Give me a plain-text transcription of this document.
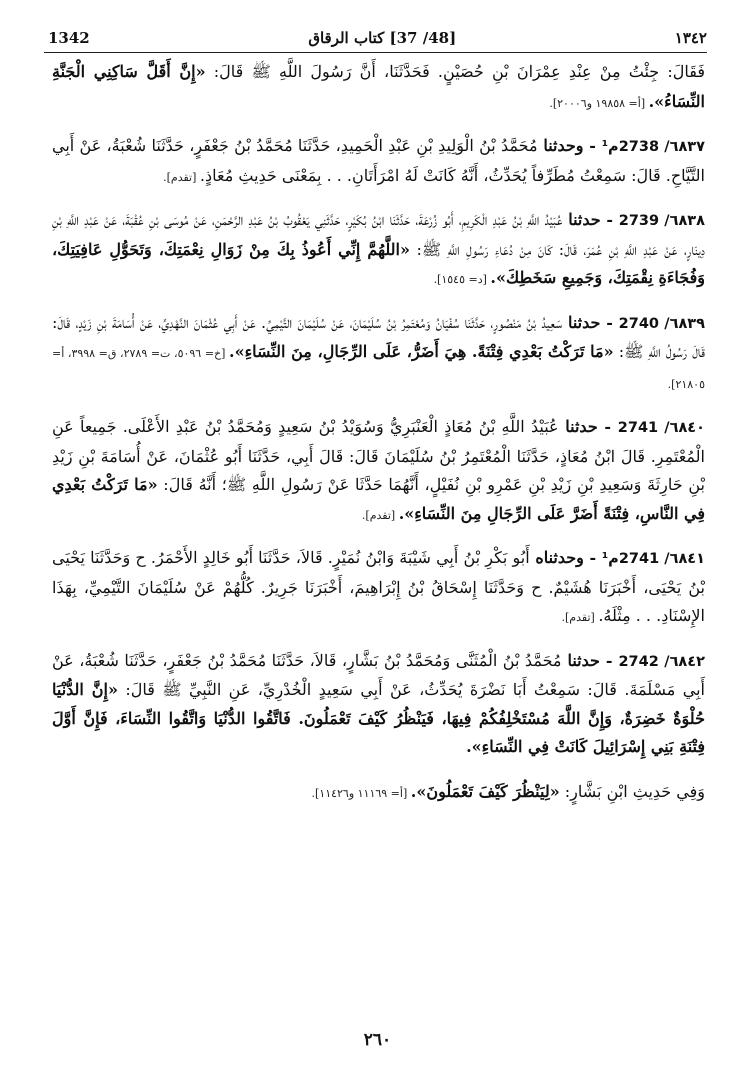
1342	[48/ 37] كتاب الرقاق	١٣٤٢

فَقَالَ: جِئْتُ مِنْ عِنْدِ عِمْرَانَ بْنِ حُصَيْنٍ. فَحَدَّثَنَا، أَنَّ رَسُولَ اللَّهِ ﷺ قَالَ: «إِنَّ أَقَلَّ سَاكِنِي الْجَنَّةِ النِّسَاءُ». [أ= ١٩٨٥٨ و٢٠٠٠٦].

٦٨٣٧/ 2738م¹ - وحدثنا مُحَمَّدُ بْنُ الْوَلِيدِ بْنِ عَبْدِ الْحَمِيدِ، حَدَّثَنَا مُحَمَّدُ بْنُ جَعْفَرٍ، حَدَّثَنَا شُعْبَةُ، عَنْ أَبِي التَّيَّاحِ. قَالَ: سَمِعْتُ مُطَرِّفاً يُحَدِّثُ، أَنَّهُ كَانَتْ لَهُ امْرَأَتَانِ. . . بِمَعْنَى حَدِيثِ مُعَاذٍ. [تقدم].

٦٨٣٨/ 2739 - حدثنا عُبَيْدُ اللَّهِ بْنُ عَبْدِ الْكَرِيمِ، أَبُو زُرْعَةَ، حَدَّثَنَا ابْنُ بُكَيْرٍ، حَدَّثَنِي يَعْقُوبُ بْنُ عَبْدِ الرَّحْمَنِ، عَنْ مُوسَى بْنِ عُقْبَةَ، عَنْ عَبْدِ اللَّهِ بْنِ دِينَارٍ، عَنْ عَبْدِ اللَّهِ بْنِ عُمَرَ، قَالَ: كَانَ مِنْ دُعَاءِ رَسُولِ اللَّهِ ﷺ: «اللَّهُمَّ إِنِّي أَعُوذُ بِكَ مِنْ زَوَالِ نِعْمَتِكَ، وَتَحَوُّلِ عَافِيَتِكَ، وَفُجَاءَةِ نِقْمَتِكَ، وَجَمِيعِ سَخَطِكَ». [د= ١٥٤٥].

٦٨٣٩/ 2740 - حدثنا سَعِيدُ بْنُ مَنْصُورٍ، حَدَّثَنَا سُفْيَانُ وَمُعْتَمِرُ بْنُ سُلَيْمَانَ، عَنْ سُلَيْمَانَ التَّيْمِيِّ. عَنْ أَبِي عُثْمَانَ النَّهْدِيِّ، عَنْ أُسَامَةَ بْنِ زَيْدٍ، قَالَ: قَالَ رَسُولُ اللَّهِ ﷺ: «مَا تَرَكْتُ بَعْدِي فِتْنَةً. هِيَ أَضَرُّ، عَلَى الرِّجَالِ، مِنَ النِّسَاءِ». [خ= ٥٠٩٦، ت= ٢٧٨٩، ق= ٣٩٩٨، أ= ٢١٨٠٥].

٦٨٤٠/ 2741 - حدثنا عُبَيْدُ اللَّهِ بْنُ مُعَاذٍ الْعَنْبَرِيُّ وَسُوَيْدُ بْنُ سَعِيدٍ وَمُحَمَّدُ بْنُ عَبْدِ الأَعْلَى. جَمِيعاً عَنِ الْمُعْتَمِرِ. قَالَ ابْنُ مُعَاذٍ، حَدَّثَنَا الْمُعْتَمِرُ بْنُ سُلَيْمَانَ قَالَ: قَالَ أَبِي، حَدَّثَنَا أَبُو عُثْمَانَ، عَنْ أُسَامَةَ بْنِ زَيْدِ بْنِ حَارِثَةَ وَسَعِيدِ بْنِ زَيْدِ بْنِ عَمْرِو بْنِ نُفَيْلٍ، أَنَّهُمَا حَدَّثَا عَنْ رَسُولِ اللَّهِ ﷺ؛ أَنَّهُ قَالَ: «مَا تَرَكْتُ بَعْدِي فِي النَّاسِ، فِتْنَةً أَضَرَّ عَلَى الرِّجَالِ مِنَ النِّسَاءِ». [تقدم].

٦٨٤١/ 2741م¹ - وحدثناه أَبُو بَكْرِ بْنُ أَبِي شَيْبَةَ وَابْنُ نُمَيْرٍ. قَالاَ، حَدَّثَنَا أَبُو خَالِدٍ الأَحْمَرُ. ح وَحَدَّثَنَا يَحْيَى بْنُ يَحْيَى، أَخْبَرَنَا هُشَيْمٌ. ح وَحَدَّثَنَا إِسْحَاقُ بْنُ إِبْرَاهِيمَ، أَخْبَرَنَا جَرِيرٌ. كُلُّهُمْ عَنْ سُلَيْمَانَ التَّيْمِيِّ، بِهَذَا الإِسْنَادِ. . . مِثْلَهُ. [تقدم].

٦٨٤٢/ 2742 - حدثنا مُحَمَّدُ بْنُ الْمُثَنَّى وَمُحَمَّدُ بْنُ بَشَّارٍ، قَالاَ، حَدَّثَنَا مُحَمَّدُ بْنُ جَعْفَرٍ، حَدَّثَنَا شُعْبَةُ، عَنْ أَبِي مَسْلَمَةَ. قَالَ: سَمِعْتُ أَبَا نَضْرَةَ يُحَدِّثُ، عَنْ أَبِي سَعِيدٍ الْخُدْرِيِّ، عَنِ النَّبِيِّ ﷺ قَالَ: «إِنَّ الدُّنْيَا حُلْوَةٌ خَضِرَةٌ، وَإِنَّ اللَّهَ مُسْتَخْلِفُكُمْ فِيهَا، فَيَنْظُرُ كَيْفَ تَعْمَلُونَ. فَاتَّقُوا الدُّنْيَا وَاتَّقُوا النِّسَاءَ، فَإِنَّ أَوَّلَ فِتْنَةِ بَنِي إِسْرَائِيلَ كَانَتْ فِي النِّسَاءِ».

وَفِي حَدِيثِ ابْنِ بَشَّارٍ: «لِيَنْظُرَ كَيْفَ تَعْمَلُونَ». [أ= ١١١٦٩ و١١٤٢٦].

٢٦٠
